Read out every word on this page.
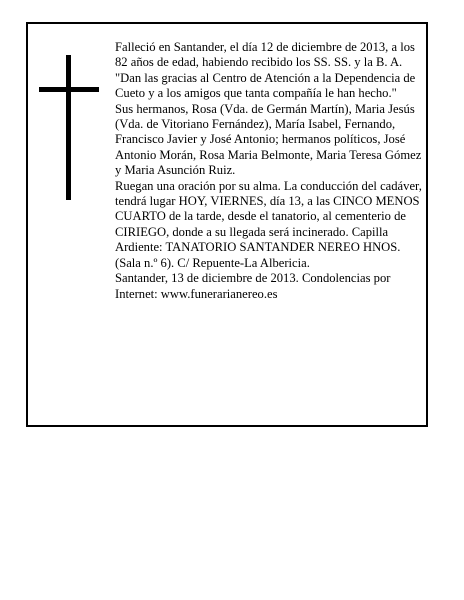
Falleció en Santander, el día 12 de diciembre de 2013, a los 82 años de edad, habiendo recibido los SS. SS. y la B. A.

"Dan las gracias al Centro de Atención a la Dependencia de Cueto y a los amigos que tanta compañía le han hecho."

Sus hermanos, Rosa (Vda. de Germán Martín), Maria Jesús (Vda. de Vitoriano Fernández), María Isabel, Fernando, Francisco Javier y José Antonio; hermanos políticos, José Antonio Morán, Rosa Maria Belmonte, Maria Teresa Gómez y Maria Asunción Ruiz.

Ruegan una oración por su alma. La conducción del cadáver, tendrá lugar HOY, VIERNES, día 13, a las CINCO MENOS CUARTO de la tarde, desde el tanatorio, al cementerio de CIRIEGO, donde a su llegada será incinerado. Capilla Ardiente: TANATORIO SANTANDER NEREO HNOS. (Sala n.º 6). C/ Repuente-La Albericia.

Santander, 13 de diciembre de 2013. Condolencias por Internet: www.funerarianereo.es
